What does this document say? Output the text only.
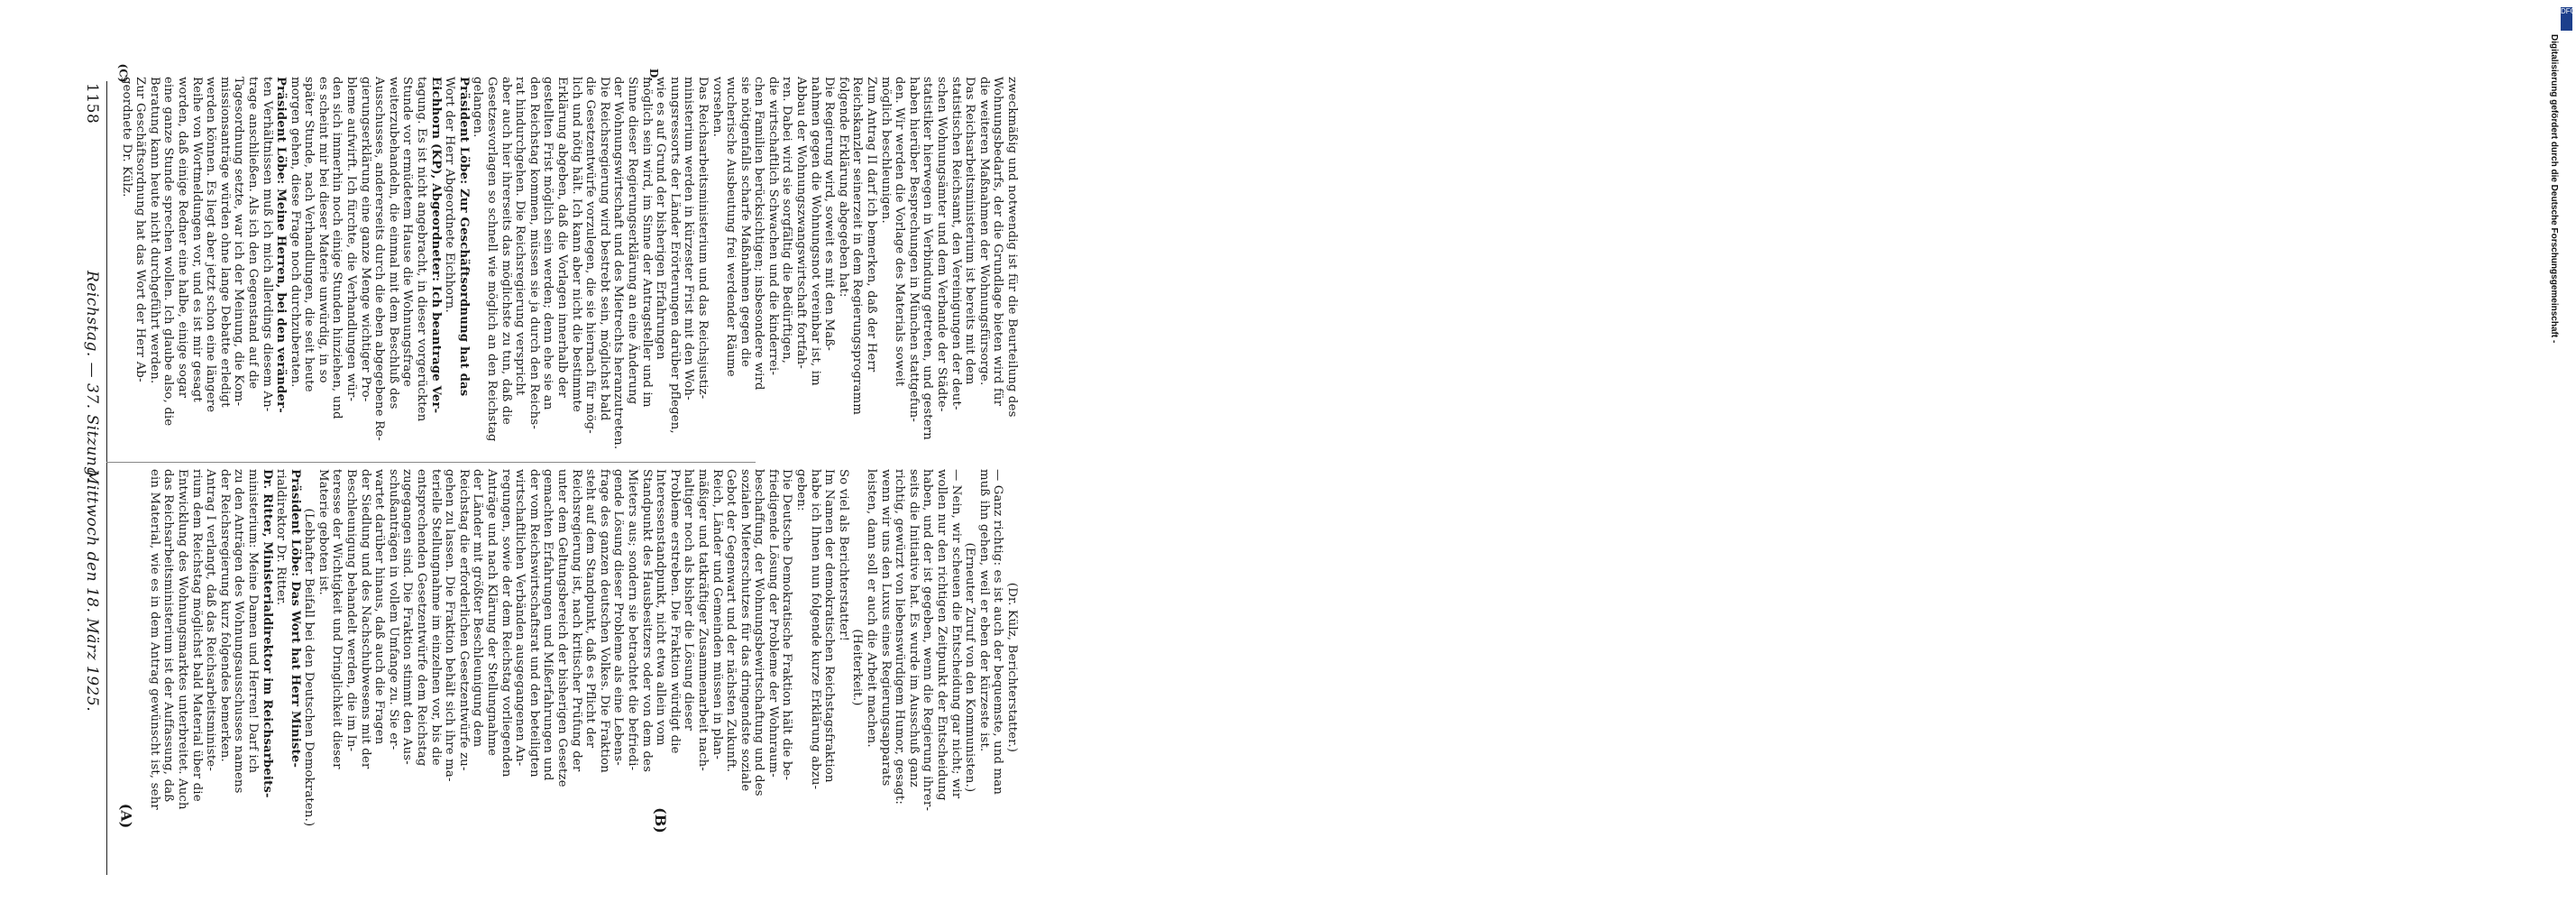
1158
Reichstag. — 37. Sitzung.
Mittwoch den 18. März 1925.
(A)	(B)
(C)	D.

(Dr. Külz, Berichterstatter.)

— Ganz richtig: es ist auch der bequemste, und man

muß ihn gehen, weil er eben der kürzeste ist.

(Erneuter Zuruf von den Kommunisten.)

— Nein, wir scheuen die Entscheidung gar nicht; wir

wollen nur den richtigen Zeitpunkt der Entscheidung

haben, und der ist gegeben, wenn die Regierung ihrer-

seits die Initiative hat. Es wurde im Ausschuß ganz

richtig, gewürzt von liebenswürdigem Humor, gesagt:

wenn wir uns den Luxus eines Regierungsapparats

leisten, dann soll er auch die Arbeit machen.

(Heiterkeit.)

So viel als Berichterstatter!

Im Namen der demokratischen Reichstagsfraktion

habe ich Ihnen nun folgende kurze Erklärung abzu-

geben:

Die Deutsche Demokratische Fraktion hält die be-

friedigende Lösung der Probleme der Wohnraum-

beschaffung, der Wohnungsbewirtschaftung und des

sozialen Mieterschutzes für das dringendste soziale

Gebot der Gegenwart und der nächsten Zukunft.

Reich, Länder und Gemeinden müssen in plan-

mäßiger und tatkräftiger Zusammenarbeit nach-

haltiger noch als bisher die Lösung dieser

Probleme erstreben. Die Fraktion würdigt die

Interessenstandpunkt, nicht etwa allein vom

Standpunkt des Hausbesitzers oder von dem des

Mieters aus; sondern sie betrachtet die befriedi-

gende Lösung dieser Probleme als eine Lebens-

frage des ganzen deutschen Volkes. Die Fraktion

steht auf dem Standpunkt, daß es Pflicht der

Reichsregierung ist, nach kritischer Prüfung der

unter dem Geltungsbereich der bisherigen Gesetze

gemachten Erfahrungen und Mißerfahrungen und

der vom Reichswirtschaftsrat und den beteiligten

wirtschaftlichen Verbänden ausgegangenen An-

regungen, sowie der dem Reichstag vorliegenden

Anträge und nach Klärung der Stellungnahme

der Länder mit größter Beschleunigung dem

Reichstag die erforderlichen Gesetzentwürfe zu-

gehen zu lassen. Die Fraktion behält sich ihre ma-

terielle Stellungnahme im einzelnen vor, bis die

entsprechenden Gesetzentwürfe dem Reichstag

zugegangen sind. Die Fraktion stimmt den Aus-

schußanträgen in vollem Umfange zu. Sie er-

wartet darüber hinaus, daß auch die Fragen

der Siedlung und des Nachschubwesens mit der

Beschleunigung behandelt werden, die im In-

teresse der Wichtigkeit und Dringlichkeit dieser

Materie geboten ist.

(Lebhafter Beifall bei den Deutschen Demokraten.)

Präsident Löbe: Das Wort hat Herr Ministe-

rialdirektor Dr. Ritter.

Dr. Ritter, Ministerialdirektor im Reichsarbeits-

ministerium: Meine Damen und Herren! Darf ich

zu den Anträgen des Wohnungsausschusses namens

der Reichsregierung kurz folgendes bemerken.

Antrag I verlangt, daß das Reichsarbeitsministe-

rium dem Reichstag möglichst bald Material über die

Entwicklung des Wohnungsmarktes unterbreitet. Auch

das Reichsarbeitsministerium ist der Auffassung, daß

ein Material, wie es in dem Antrag gewünscht ist, sehr

zweckmäßig und notwendig ist für die Beurteilung des

Wohnungsbedarfs, der die Grundlage bieten wird für

die weiteren Maßnahmen der Wohnungsfürsorge.

Das Reichsarbeitsministerium ist bereits mit dem

statistischen Reichsamt, den Vereinigungen der deut-

schen Wohnungsämter und dem Verbande der Städte-

statistiker hierwegen in Verbindung getreten, und gestern

haben hierüber Besprechungen in München stattgefun-

den. Wir werden die Vorlage des Materials soweit

möglich beschleunigen.

Zum Antrag II darf ich bemerken, daß der Herr

Reichskanzler seinerzeit in dem Regierungsprogramm

folgende Erklärung abgegeben hat:

Die Regierung wird, soweit es mit den Maß-

nahmen gegen die Wohnungsnot vereinbar ist, im

Abbau der Wohnungszwangswirtschaft fortfah-

ren. Dabei wird sie sorgfältig die Bedürftigen,

die wirtschaftlich Schwachen und die kinderrei-

chen Familien berücksichtigen; insbesondere wird

sie nötigenfalls scharfe Maßnahmen gegen die

wucherische Ausbeutung frei werdender Räume

vorsehen.

Das Reichsarbeitsministerium und das Reichsjustiz-

ministerium werden in kürzester Frist mit den Woh-

nungsressorts der Länder Erörterungen darüber pflegen,

wie es auf Grund der bisherigen Erfahrungen

möglich sein wird, im Sinne der Antragsteller und im

Sinne dieser Regierungserklärung an eine Änderung

der Wohnungswirtschaft und des Mietrechts heranzutreten.

Die Reichsregierung wird bestrebt sein, möglichst bald

die Gesetzentwürfe vorzulegen, die sie hiernach für mög-

lich und nötig hält. Ich kann aber nicht die bestimmte

Erklärung abgeben, daß die Vorlagen innerhalb der

gestellten Frist möglich sein werden; denn ehe sie an

den Reichstag kommen, müssen sie ja durch den Reichs-

rat hindurchgehen. Die Reichsregierung verspricht

aber auch hier ihrerseits das möglichste zu tun, daß die

Gesetzesvorlagen so schnell wie möglich an den Reichstag

gelangen.

Präsident Löbe: Zur Geschäftsordnung hat das

Wort der Herr Abgeordnete Eichhorn.

Eichhorn (KP), Abgeordneter: Ich beantrage Ver-

tagung. Es ist nicht angebracht, in dieser vorgerückten

Stunde vor ermüdetem Hause die Wohnungsfrage

weiterzubehandeln, die einmal mit dem Beschluß des

Ausschusses, andererseits durch die eben abgegebene Re-

gierungserklärung eine ganze Menge wichtiger Pro-

bleme aufwirft. Ich fürchte, die Verhandlungen wür-

den sich immerhin noch einige Stunden hinziehen, und

es scheint mir bei dieser Materie unwürdig, in so

später Stunde, nach Verhandlungen, die seit heute

morgen gehen, diese Frage noch durchzuberaten.

Präsident Löbe: Meine Herren, bei den veränder-

ten Verhältnissen muß ich mich allerdings diesem An-

trage anschließen. Als ich den Gegenstand auf die

Tagesordnung setzte, war ich der Meinung, die Kom-

missionsanträge würden ohne lange Debatte erledigt

werden können. Es liegt aber jetzt schon eine längere

Reihe von Wortmeldungen vor, und es ist mir gesagt

worden, daß einige Redner eine halbe, einige sogar

eine ganze Stunde sprechen wollen. Ich glaube also, die

Beratung kann heute nicht durchgeführt werden.

Zur Geschäftsordnung hat das Wort der Herr Ab-

geordnete Dr. Külz.

DFG
Digitalisierung gefördert durch die Deutsche Forschungsgemeinschaft -
